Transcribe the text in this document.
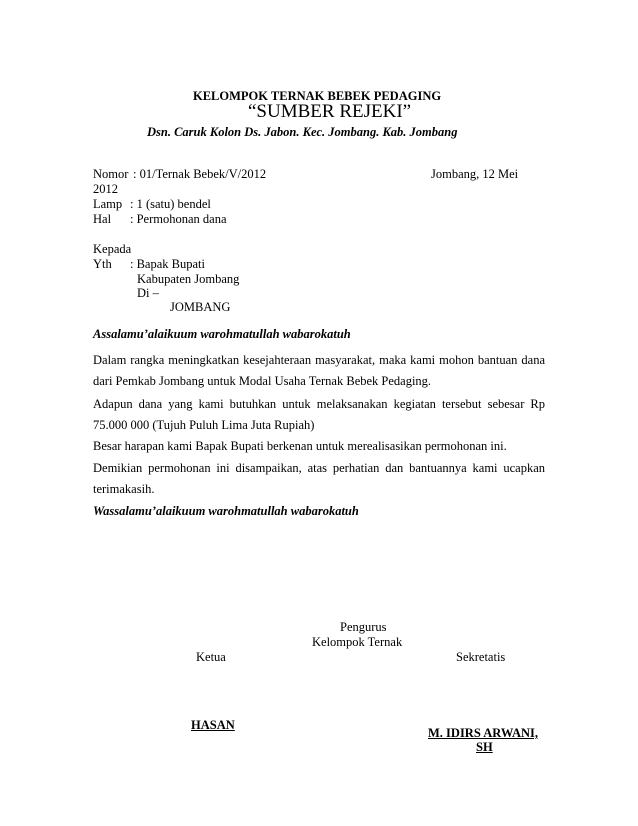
KELOMPOK TERNAK BEBEK PEDAGING
“SUMBER REJEKI”
Dsn. Caruk Kolon Ds. Jabon. Kec. Jombang. Kab. Jombang
Nomor : 01/Ternak Bebek/V/2012	Jombang, 12 Mei
2012
Lamp : 1 (satu) bendel
Hal : Permohonan dana
Kepada
Yth : Bapak Bupati
Kabupaten Jombang
Di –
JOMBANG
Assalamu’alaikuum warohmatullah wabarokatuh
Dalam rangka meningkatkan kesejahteraan masyarakat, maka kami mohon bantuan dana dari Pemkab Jombang untuk Modal Usaha Ternak Bebek Pedaging.
Adapun dana yang kami butuhkan untuk melaksanakan kegiatan tersebut sebesar Rp 75.000 000 (Tujuh Puluh Lima Juta Rupiah)
Besar harapan kami Bapak Bupati berkenan untuk merealisasikan permohonan ini.
Demikian permohonan ini disampaikan, atas perhatian dan bantuannya kami ucapkan terimakasih.
Wassalamu’alaikuum warohmatullah wabarokatuh
Pengurus
Kelompok Ternak
Ketua	Sekretatis
HASAN
M. IDIRS ARWANI,
SH
